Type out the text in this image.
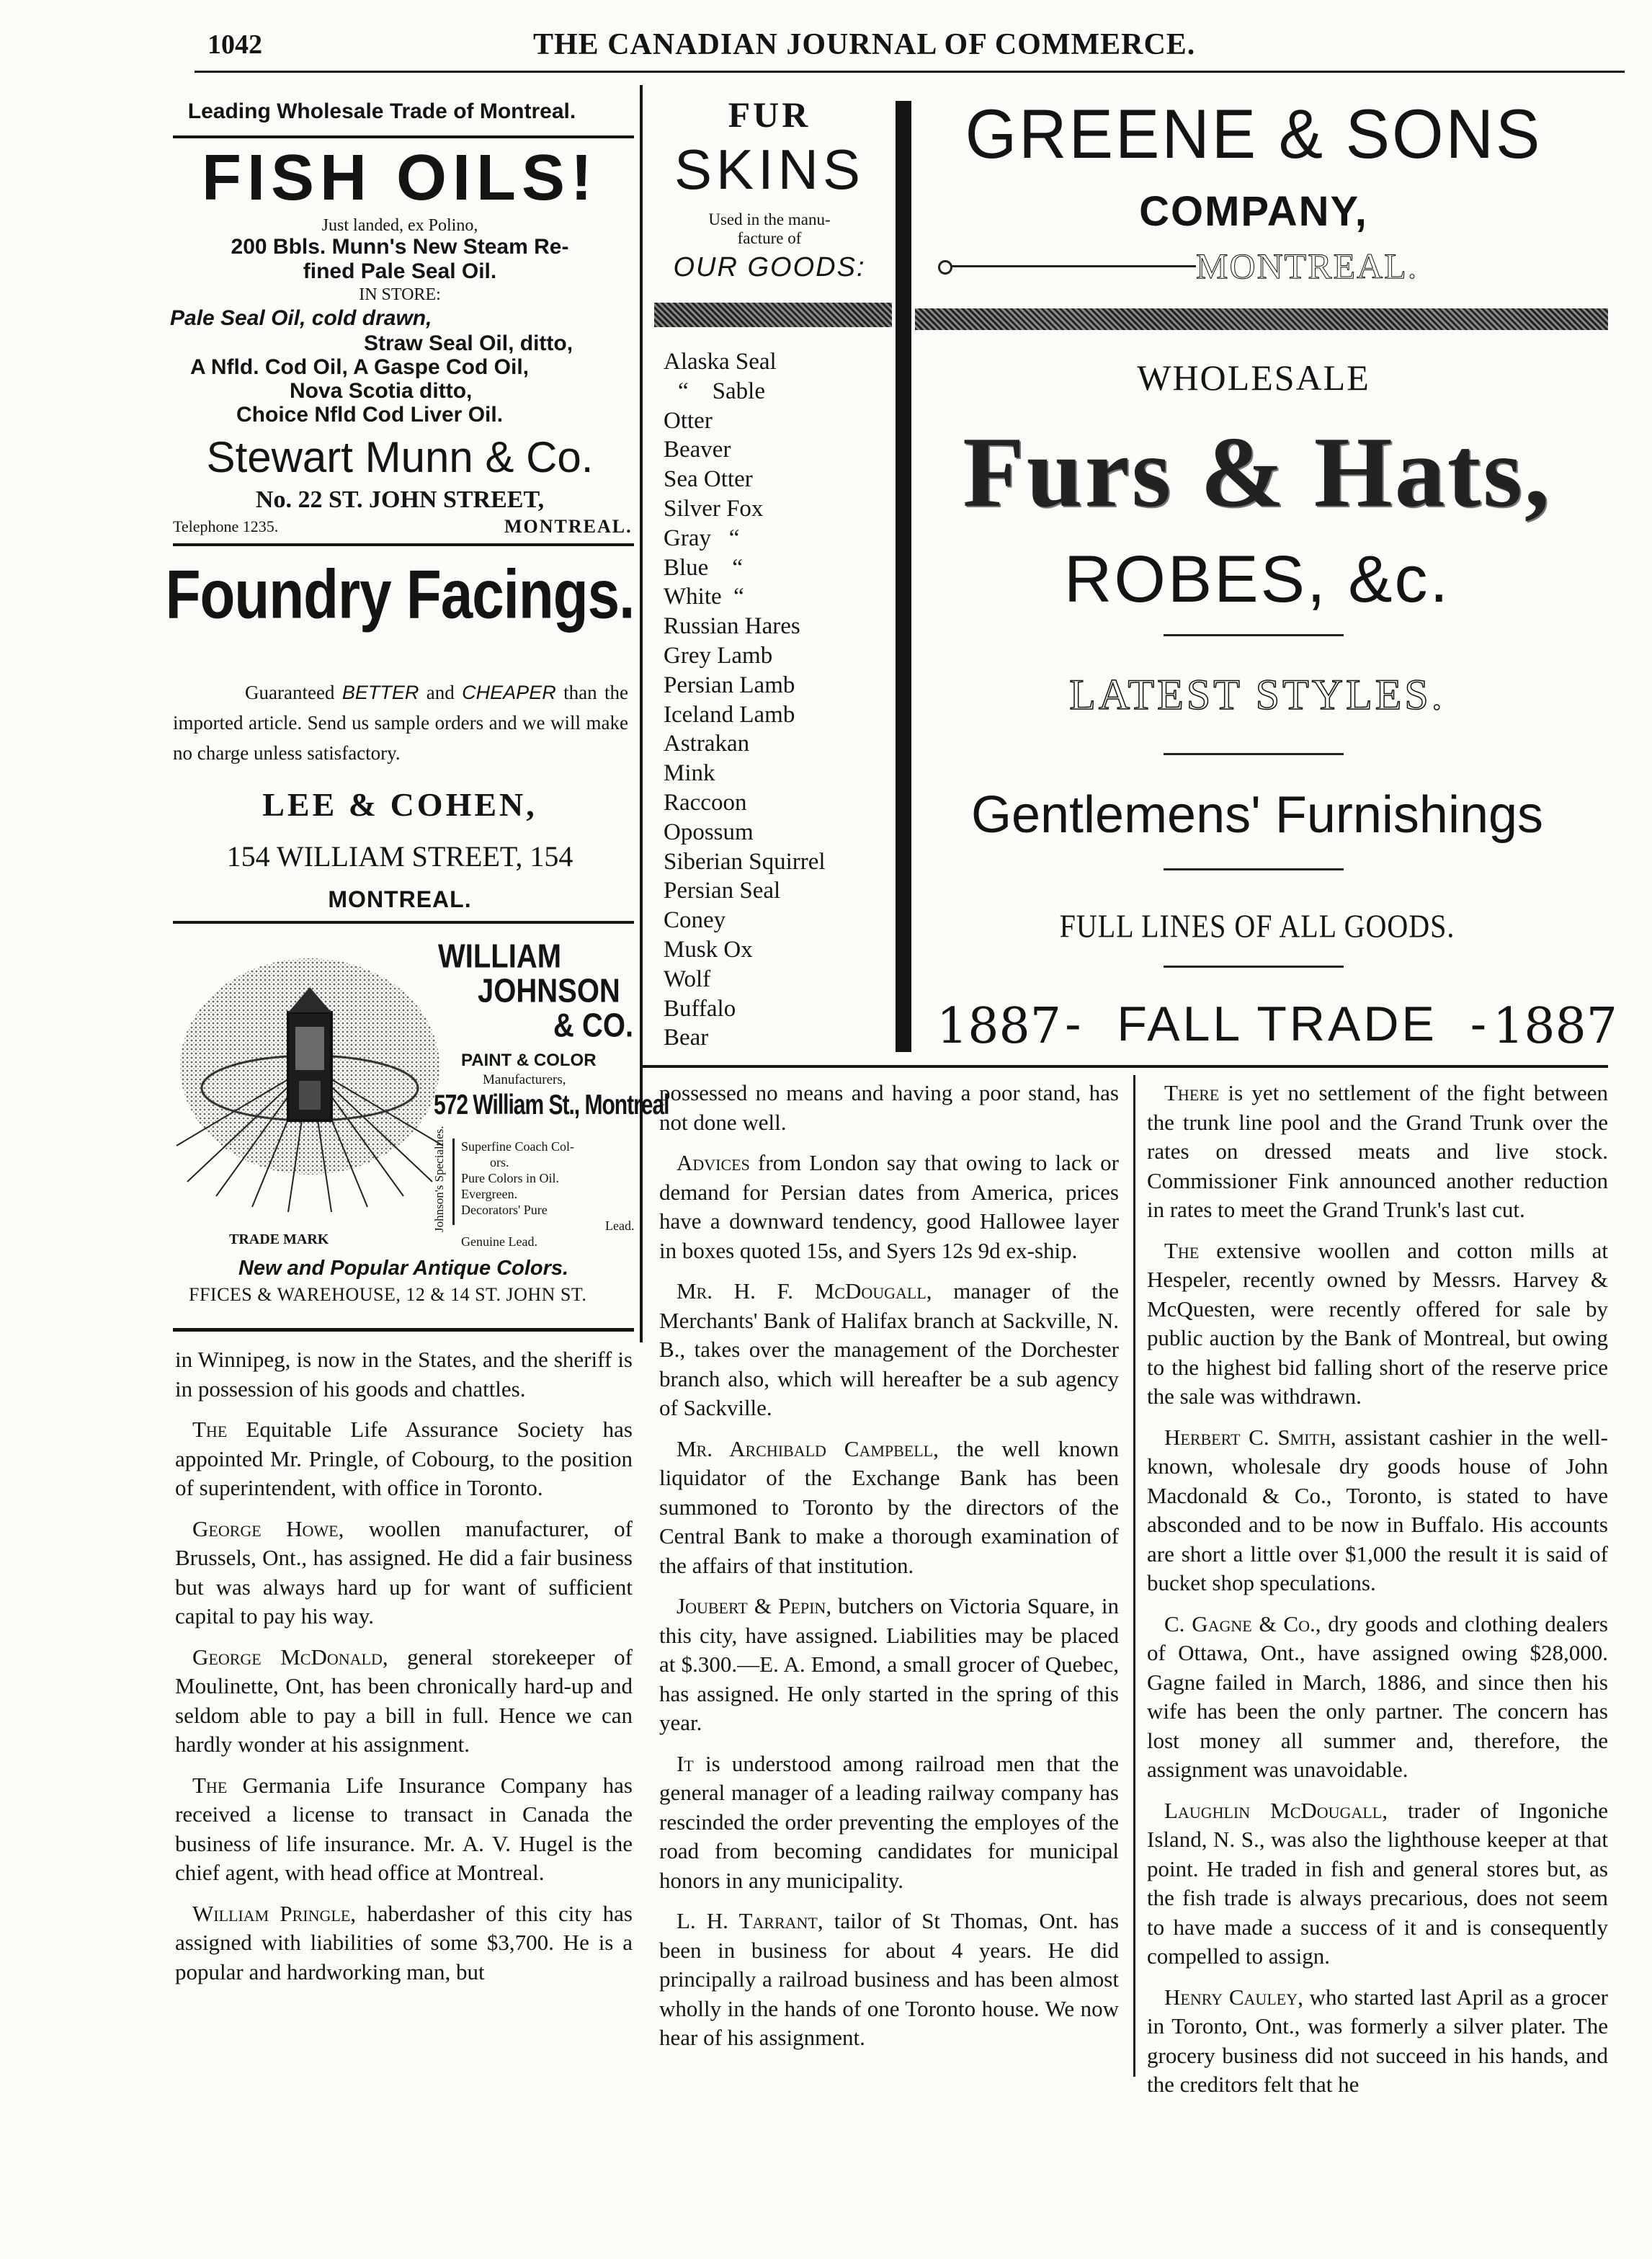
1042	THE CANADIAN JOURNAL OF COMMERCE.
Leading Wholesale Trade of Montreal.
FISH OILS!
Just landed, ex Polino,
200 Bbls. Munn's New Steam Re-
fined Pale Seal Oil.
IN STORE:
Pale Seal Oil, cold drawn,
Straw Seal Oil, ditto,
A Nfld. Cod Oil, A Gaspe Cod Oil,
Nova Scotia ditto,
Choice Nfld Cod Liver Oil.
Stewart Munn & Co.
No. 22 ST. JOHN STREET,
Telephone 1235.	MONTREAL.
Foundry Facings.
Guaranteed BETTER and CHEAPER than the imported article. Send us sample orders and we will make no charge unless satisfactory.
LEE & COHEN,
154 WILLIAM STREET, 154
MONTREAL.
TRADE MARK
WILLIAM
JOHNSON
& CO.
PAINT & COLOR
Manufacturers,
572 William St., Montreal
Johnson's Specialties. Superfine Coach Col-
ors.
Pure Colors in Oil.
Evergreen.
Decorators' Pure
Lead.
Genuine Lead.
New and Popular Antique Colors.
FFICES & WAREHOUSE, 12 & 14 ST. JOHN ST.
FUR
SKINS
Used in the manu-
facture of
OUR GOODS:
Alaska Seal
“    Sable
Otter
Beaver
Sea Otter
Silver Fox
Gray   “
Blue    “
White  “
Russian Hares
Grey Lamb
Persian Lamb
Iceland Lamb
Astrakan
Mink
Raccoon
Opossum
Siberian Squirrel
Persian Seal
Coney
Musk Ox
Wolf
Buffalo
Bear
GREENE & SONS
COMPANY,
MONTREAL.
WHOLESALE
Furs & Hats,
ROBES, &c.
LATEST STYLES.
Gentlemens' Furnishings
FULL LINES OF ALL GOODS.
1887 -  FALL TRADE  - 1887

in Winnipeg, is now in the States, and the sheriff is in possession of his goods and chattles.

The Equitable Life Assurance Society has appointed Mr. Pringle, of Cobourg, to the position of superintendent, with office in Toronto.

George Howe, woollen manufacturer, of Brussels, Ont., has assigned. He did a fair business but was always hard up for want of sufficient capital to pay his way.

George McDonald, general storekeeper of Moulinette, Ont, has been chronically hard-up and seldom able to pay a bill in full. Hence we can hardly wonder at his assignment.

The Germania Life Insurance Company has received a license to transact in Canada the business of life insurance. Mr. A. V. Hugel is the chief agent, with head office at Montreal.

William Pringle, haberdasher of this city has assigned with liabilities of some $3,700. He is a popular and hardworking man, but

possessed no means and having a poor stand, has not done well.

Advices from London say that owing to lack or demand for Persian dates from America, prices have a downward tendency, good Hallowee layer in boxes quoted 15s, and Syers 12s 9d ex-ship.

Mr. H. F. McDougall, manager of the Merchants' Bank of Halifax branch at Sackville, N. B., takes over the management of the Dorchester branch also, which will hereafter be a sub agency of Sackville.

Mr. Archibald Campbell, the well known liquidator of the Exchange Bank has been summoned to Toronto by the directors of the Central Bank to make a thorough examination of the affairs of that institution.

Joubert & Pepin, butchers on Victoria Square, in this city, have assigned. Liabilities may be placed at $.300.—E. A. Emond, a small grocer of Quebec, has assigned. He only started in the spring of this year.

It is understood among railroad men that the general manager of a leading railway company has rescinded the order preventing the employes of the road from becoming candidates for municipal honors in any municipality.

L. H. Tarrant, tailor of St Thomas, Ont. has been in business for about 4 years. He did principally a railroad business and has been almost wholly in the hands of one Toronto house. We now hear of his assignment.

There is yet no settlement of the fight between the trunk line pool and the Grand Trunk over the rates on dressed meats and live stock. Commissioner Fink announced another reduction in rates to meet the Grand Trunk's last cut.

The extensive woollen and cotton mills at Hespeler, recently owned by Messrs. Harvey & McQuesten, were recently offered for sale by public auction by the Bank of Montreal, but owing to the highest bid falling short of the reserve price the sale was withdrawn.

Herbert C. Smith, assistant cashier in the well-known, wholesale dry goods house of John Macdonald & Co., Toronto, is stated to have absconded and to be now in Buffalo. His accounts are short a little over $1,000 the result it is said of bucket shop speculations.

C. Gagne & Co., dry goods and clothing dealers of Ottawa, Ont., have assigned owing $28,000. Gagne failed in March, 1886, and since then his wife has been the only partner. The concern has lost money all summer and, therefore, the assignment was unavoidable.

Laughlin McDougall, trader of Ingoniche Island, N. S., was also the lighthouse keeper at that point. He traded in fish and general stores but, as the fish trade is always precarious, does not seem to have made a success of it and is consequently compelled to assign.

Henry Cauley, who started last April as a grocer in Toronto, Ont., was formerly a silver plater. The grocery business did not succeed in his hands, and the creditors felt that he
